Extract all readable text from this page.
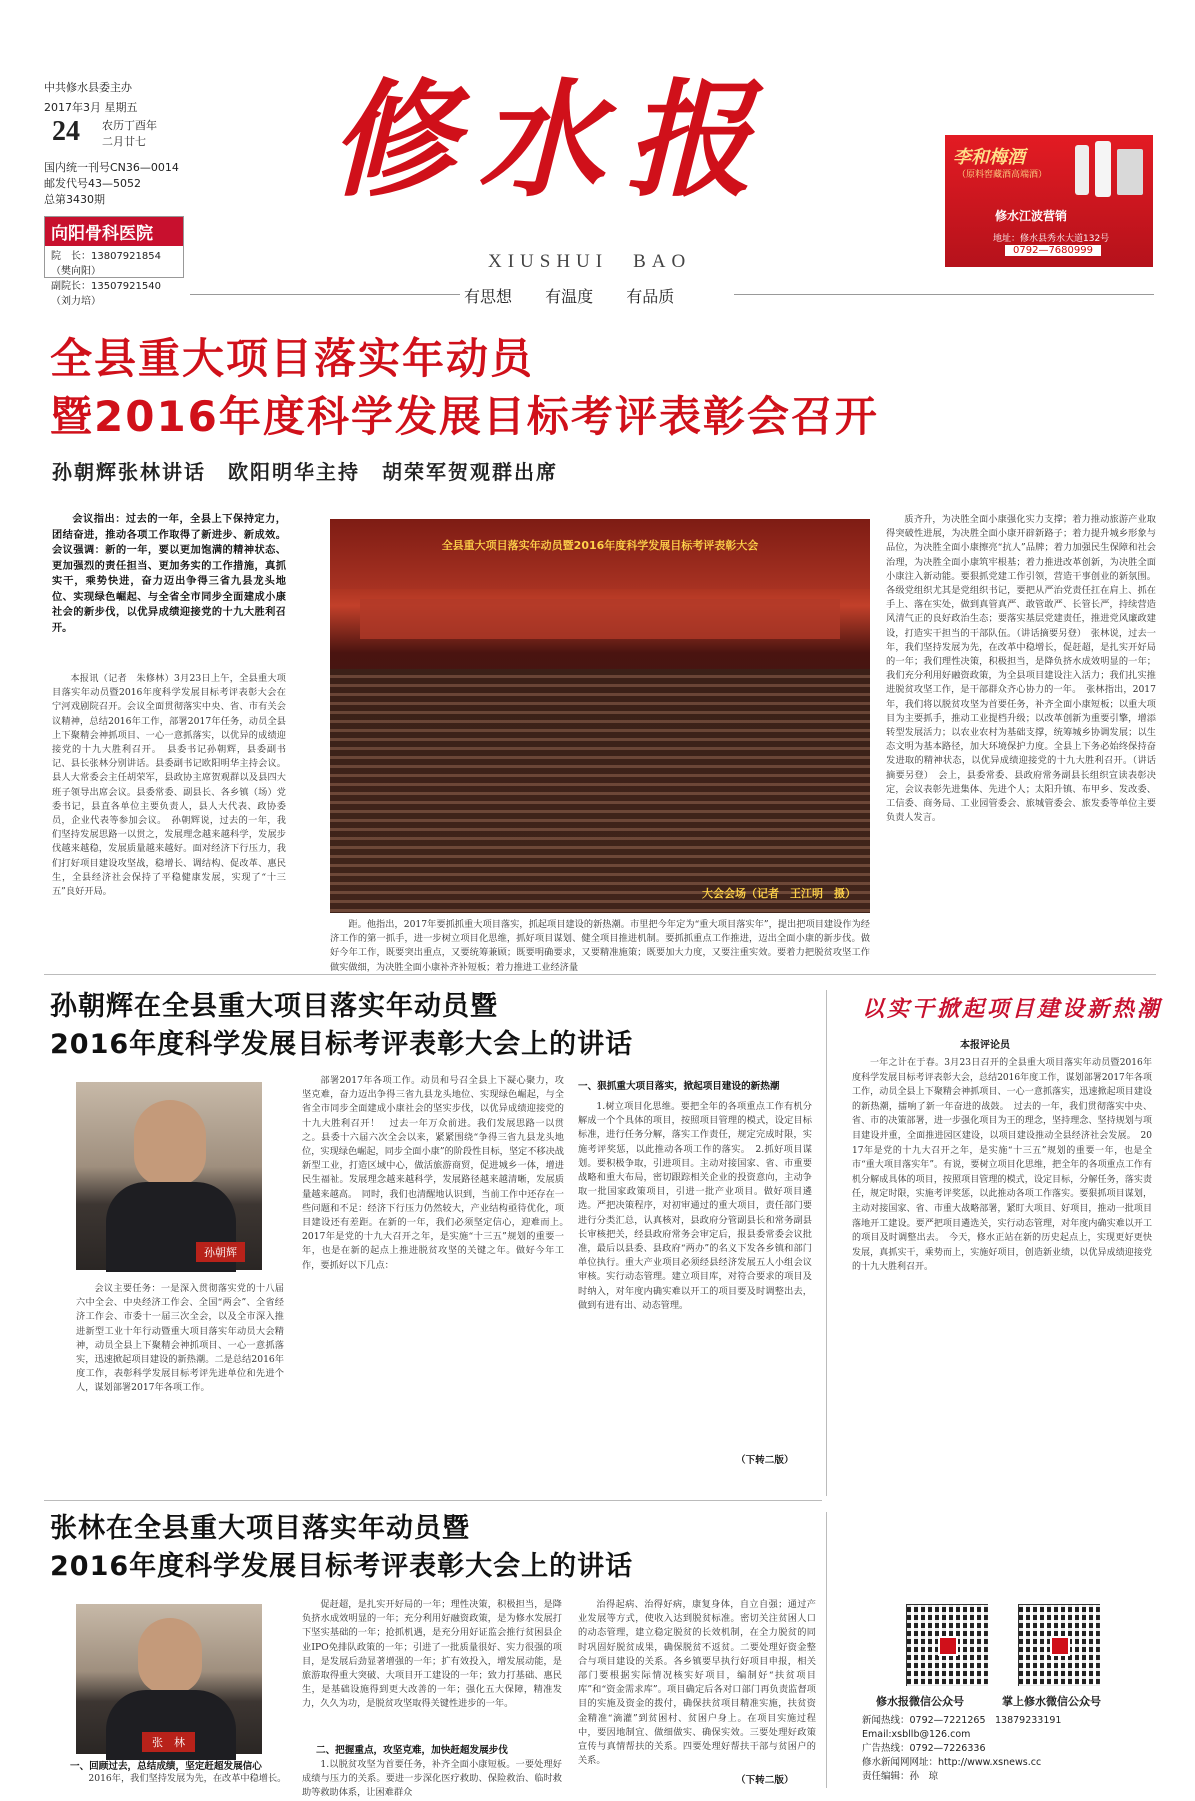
中共修水县委主办
2017年3月 星期五
24 农历丁酉年
二月廿七
国内统一刊号CN36—0014
邮发代号43—5052
总第3430期
向阳骨科医院
院　长：13807921854（樊向阳）
副院长：13507921540（刘力培）
修水报
XIUSHUI　BAO
有思想 有温度 有品质
李和梅酒
（原料窖藏酒高端酒）
修水江波营销
地址：修水县秀水大道132号
0792—7680999
全县重大项目落实年动员
暨2016年度科学发展目标考评表彰会召开
孙朝辉张林讲话　欧阳明华主持　胡荣军贺观群出席

会议指出：过去的一年，全县上下保持定力，团结奋进，推动各项工作取得了新进步、新成效。会议强调：新的一年，要以更加饱满的精神状态、更加强烈的责任担当、更加务实的工作措施，真抓实干，乘势快进，奋力迈出争得三省九县龙头地位、实现绿色崛起、与全省全市同步全面建成小康社会的新步伐，以优异成绩迎接党的十九大胜利召开。

本报讯（记者　朱修林）3月23日上午，全县重大项目落实年动员暨2016年度科学发展目标考评表彰大会在宁河戏剧院召开。会议全面贯彻落实中央、省、市有关会议精神，总结2016年工作，部署2017年任务，动员全县上下聚精会神抓项目、一心一意抓落实，以优异的成绩迎接党的十九大胜利召开。　县委书记孙朝辉，县委副书记、县长张林分别讲话。县委副书记欧阳明华主持会议。县人大常委会主任胡荣军，县政协主席贺观群以及县四大班子领导出席会议。县委常委、副县长、各乡镇（场）党委书记，县直各单位主要负责人，县人大代表、政协委员，企业代表等参加会议。　孙朝辉说，过去的一年，我们坚持发展思路一以贯之，发展理念越来越科学，发展步伐越来越稳，发展质量越来越好。面对经济下行压力，我们打好项目建设攻坚战，稳增长、调结构、促改革、惠民生，全县经济社会保持了平稳健康发展，实现了“十三五”良好开局。

全县重大项目落实年动员暨2016年度科学发展目标考评表彰大会
大会会场（记者　王江明　摄）

距。他指出，2017年要抓抓重大项目落实，抓起项目建设的新热潮。市里把今年定为“重大项目落实年”，提出把项目建设作为经济工作的第一抓手，进一步树立项目化思维，抓好项目谋划、健全项目推进机制。要抓抓重点工作推进，迈出全面小康的新步伐。做好今年工作，既要突出重点，又要统筹兼顾；既要明确要求，又要精准施策；既要加大力度，又要注重实效。要着力把脱贫攻坚工作做实做细，为决胜全面小康补齐补短板；着力推进工业经济量

质齐升，为决胜全面小康强化实力支撑；着力推动旅游产业取得突破性进展，为决胜全面小康开辟新路子；着力提升城乡形象与品位，为决胜全面小康擦亮“抗人”品牌；着力加强民生保障和社会治理，为决胜全面小康筑牢根基；着力推进改革创新，为决胜全面小康注入新动能。要狠抓党建工作引领，营造干事创业的新氛围。各级党组织尤其是党组织书记，要把从严治党责任扛在肩上、抓在手上、落在实处，做到真管真严、敢管敢严、长管长严，持续营造风清气正的良好政治生态；要落实基层党建责任，推进党风廉政建设，打造实干担当的干部队伍。（讲话摘要另登）　张林说，过去一年，我们坚持发展为先，在改革中稳增长，促赶超，是扎实开好局的一年；我们理性决策，积极担当，是降负挤水成效明显的一年；我们充分利用好融资政策，为全县项目建设注入活力；我们扎实推进脱贫攻坚工作，是干部群众齐心协力的一年。　张林指出，2017年，我们将以脱贫攻坚为首要任务，补齐全面小康短板；以重大项目为主要抓手，推动工业提档升级；以改革创新为重要引擎，增添转型发展活力；以农业农村为基础支撑，统筹城乡协调发展；以生态文明为基本路径，加大环境保护力度。全县上下务必始终保持奋发进取的精神状态，以优异成绩迎接党的十九大胜利召开。（讲话摘要另登）　会上，县委常委、县政府常务副县长组织宣读表彰决定，会议表彰先进集体、先进个人；太阳升镇、布甲乡、发改委、工信委、商务局、工业园管委会、旅城管委会、旅发委等单位主要负责人发言。

孙朝辉在全县重大项目落实年动员暨
2016年度科学发展目标考评表彰大会上的讲话
孙朝辉

会议主要任务：一是深入贯彻落实党的十八届六中全会、中央经济工作会、全国“两会”、全省经济工作会、市委十一届三次全会，以及全市深入推进新型工业十年行动暨重大项目落实年动员大会精神，动员全县上下聚精会神抓项目、一心一意抓落实，迅速掀起项目建设的新热潮。二是总结2016年度工作，表彰科学发展目标考评先进单位和先进个人，谋划部署2017年各项工作。

部署2017年各项工作。动员和号召全县上下凝心聚力，攻坚克难，奋力迈出争得三省九县龙头地位、实现绿色崛起，与全省全市同步全面建成小康社会的坚实步伐，以优异成绩迎接党的十九大胜利召开！　过去一年万众前进。我们发展思路一以贯之。县委十六届六次全会以来，紧紧围绕“争得三省九县龙头地位，实现绿色崛起，同步全面小康”的阶段性目标，坚定不移决战新型工业，打造区域中心，做活旅游商贸，促进城乡一体，增进民生福祉。发展理念越来越科学，发展路径越来越清晰，发展质量越来越高。　同时，我们也清醒地认识到，当前工作中还存在一些问题和不足：经济下行压力仍然较大，产业结构亟待优化，项目建设还有差距。在新的一年，我们必须坚定信心，迎难而上。　2017年是党的十九大召开之年，是实施“十三五”规划的重要一年，也是在新的起点上推进脱贫攻坚的关键之年。做好今年工作，要抓好以下几点：

一、狠抓重大项目落实，掀起项目建设的新热潮

1.树立项目化思维。要把全年的各项重点工作有机分解成一个个具体的项目，按照项目管理的模式，设定目标标准，进行任务分解，落实工作责任，规定完成时限，实施考评奖惩，以此推动各项工作的落实。　2.抓好项目谋划。要积极争取，引进项目。主动对接国家、省、市重要战略和重大布局，密切跟踪相关企业的投资意向，主动争取一批国家政策项目，引进一批产业项目。做好项目遴选。严把决策程序，对初审通过的重大项目，责任部门要进行分类汇总，认真核对，县政府分管副县长和常务副县长审核把关，经县政府常务会审定后，报县委常委会议批准，最后以县委、县政府“两办”的名义下发各乡镇和部门单位执行。重大产业项目必须经县经济发展五人小组会议审核。实行动态管理。建立项目库，对符合要求的项目及时纳入，对年度内确实难以开工的项目要及时调整出去，做到有进有出、动态管理。

（下转二版）
以实干掀起项目建设新热潮
本报评论员

一年之计在于春。3月23日召开的全县重大项目落实年动员暨2016年度科学发展目标考评表彰大会，总结2016年度工作，谋划部署2017年各项工作，动员全县上下聚精会神抓项目、一心一意抓落实，迅速掀起项目建设的新热潮，擂响了新一年奋进的战鼓。　过去的一年，我们贯彻落实中央、省、市的决策部署，进一步强化项目为王的理念，坚持理念、坚持规划与项目建设并重，全面推进园区建设，以项目建设推动全县经济社会发展。　2017年是党的十九大召开之年，是实施“十三五”规划的重要一年，也是全市“重大项目落实年”。有说，要树立项目化思维，把全年的各项重点工作有机分解成具体的项目，按照项目管理的模式，设定目标，分解任务，落实责任，规定时限，实施考评奖惩，以此推动各项工作落实。要狠抓项目谋划，主动对接国家、省、市重大战略部署，紧盯大项目、好项目，推动一批项目落地开工建设。要严把项目遴选关，实行动态管理，对年度内确实难以开工的项目及时调整出去。　今天，修水正站在新的历史起点上，实现更好更快发展，真抓实干，乘势而上，实施好项目，创造新业绩，以优异成绩迎接党的十九大胜利召开。

张林在全县重大项目落实年动员暨
2016年度科学发展目标考评表彰大会上的讲话
张　林
一、回顾过去，总结成绩，坚定赶超发展信心

2016年，我们坚持发展为先，在改革中稳增长。

促赶超，是扎实开好局的一年；理性决策，积极担当，是降负挤水成效明显的一年；充分利用好融资政策，是为修水发展打下坚实基础的一年；抢抓机遇，是充分用好证监会推行贫困县企业IPO免排队政策的一年；引进了一批质量很好、实力很强的项目，是发展后劲显著增强的一年；扩有效投入，增发展动能，是旅游取得重大突破、大项目开工建设的一年；致力打基础、惠民生，是基础设施得到更大改善的一年；强化五大保障，精准发力，久久为功，是脱贫攻坚取得关键性进步的一年。

二、把握重点，攻坚克难，加快赶超发展步伐

1.以脱贫攻坚为首要任务，补齐全面小康短板。一要处理好成绩与压力的关系。要进一步深化医疗救助、保险救治、临时救助等救助体系，让困难群众

治得起病、治得好病，康复身体，自立自强；通过产业发展等方式，使收入达到脱贫标准。密切关注贫困人口的动态管理，建立稳定脱贫的长效机制，在全力脱贫的同时巩固好脱贫成果，确保脱贫不返贫。二要处理好资金整合与项目建设的关系。各乡镇要早执行好项目申报，相关部门要根据实际情况核实好项目，编制好“扶贫项目库”和“资金需求库”。项目确定后各对口部门再负责监督项目的实施及资金的拨付，确保扶贫项目精准实施，扶贫资金精准“滴灌”到贫困村、贫困户身上。在项目实施过程中，要因地制宜、做细做实、确保实效。三要处理好政策宣传与真情帮扶的关系。四要处理好帮扶干部与贫困户的关系。

（下转二版）
修水报微信公众号	掌上修水微信公众号
新闻热线：0792—7221265　13879233191
Email:xsbllb@126.com
广告热线：0792—7226336
修水新闻网网址：http://www.xsnews.cc
责任编辑：孙　琼
